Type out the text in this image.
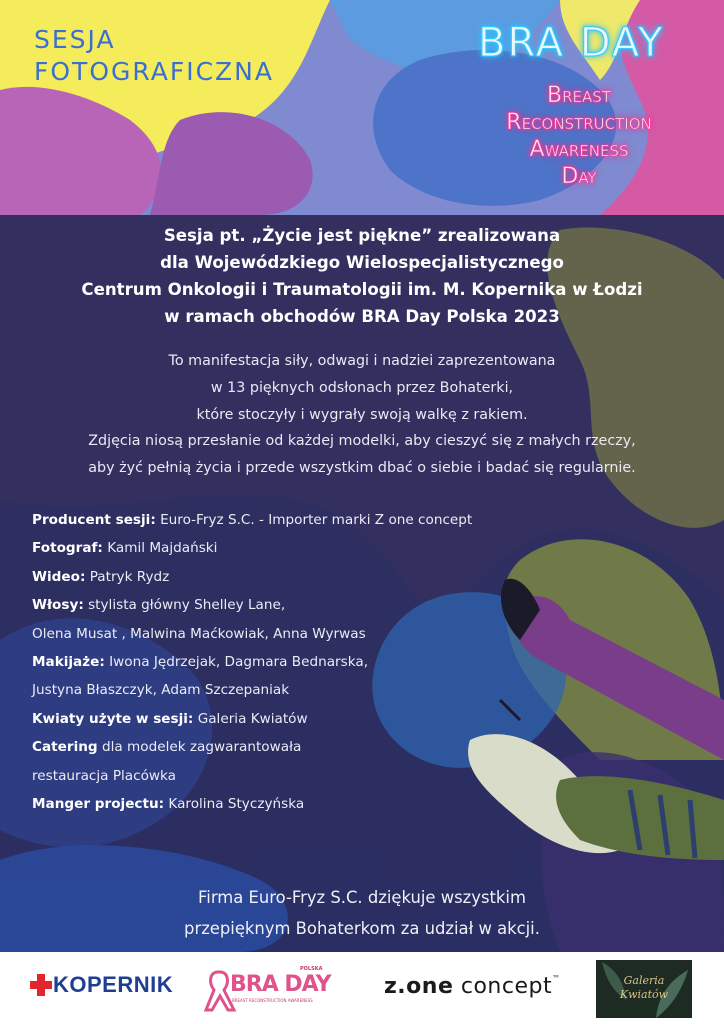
SESJA
FOTOGRAFICZNA
BRA DAY
Breast
Reconstruction
Awareness
Day
Sesja pt. „Życie jest piękne” zrealizowana
dla Wojewódzkiego Wielospecjalistycznego
Centrum Onkologii i Traumatologii im. M. Kopernika w Łodzi
w ramach obchodów BRA Day Polska 2023
To manifestacja siły, odwagi i nadziei zaprezentowana
w 13 pięknych odsłonach przez Bohaterki,
które stoczyły i wygrały swoją walkę z rakiem.
Zdjęcia niosą przesłanie od każdej modelki, aby cieszyć się z małych rzeczy,
aby żyć pełnią życia i przede wszystkim dbać o siebie i badać się regularnie.
Producent sesji: Euro-Fryz S.C. - Importer marki Z one concept
Fotograf: Kamil Majdański
Wideo: Patryk Rydz
Włosy: stylista główny Shelley Lane,
Olena Musat , Malwina Maćkowiak, Anna Wyrwas
Makijaże: Iwona Jędrzejak, Dagmara Bednarska,
Justyna Błaszczyk, Adam Szczepaniak
Kwiaty użyte w sesji: Galeria Kwiatów
Catering dla modelek zagwarantowała
restauracja Placówka
Manger projectu: Karolina Styczyńska
Firma Euro-Fryz S.C. dziękuje wszystkim
przepięknym Bohaterkom za udział w akcji.
KOPERNIK
POLSKA
BRA DAY
BREAST RECONSTRUCTION AWARENESS
z.one concept™	Galeria
Kwiatów
